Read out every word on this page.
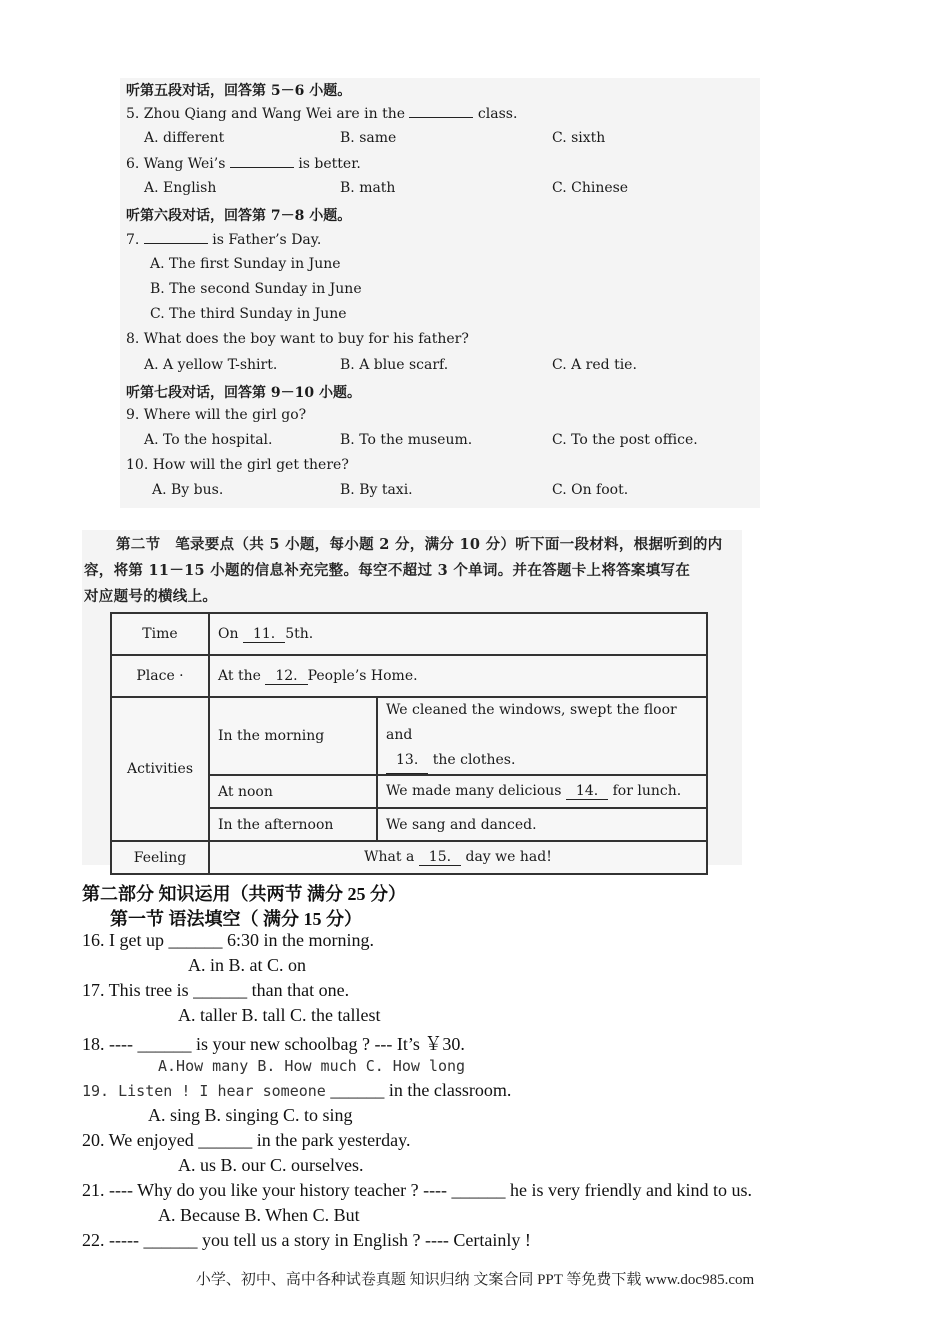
听第五段对话，回答第 5－6 小题。
5. Zhou Qiang and Wang Wei are in the	class.
A. different	B. same	C. sixth
6. Wang Wei’s	is better.
A. English	B. math	C. Chinese
听第六段对话，回答第 7－8 小题。
7.	is Father’s Day.
A. The first Sunday in June
B. The second Sunday in June
C. The third Sunday in June
8. What does the boy want to buy for his father?
A. A yellow T-shirt.	B. A blue scarf.	C. A red tie.
听第七段对话，回答第 9－10 小题。
9. Where will the girl go?
A. To the hospital.	B. To the museum.	C. To the post office.
10. How will the girl get there?
A. By bus.	B. By taxi.	C. On foot.
第二节　笔录要点（共 5 小题，每小题 2 分，满分 10 分）听下面一段材料，根据听到的内
容，将第 11－15 小题的信息补充完整。每空不超过 3 个单词。并在答题卡上将答案填写在
对应题号的横线上。
Time	On 11. 5th.	
Place ·	At the 12. People’s Home.	
Activities	In the morning	We cleaned the windows, swept the floor and
13. the clothes.
	At noon	We made many delicious 14. for lunch.
	In the afternoon	We sang and danced.
Feeling	What a 15. day we had!	
第二部分 知识运用（共两节 满分 25 分）
第一节 语法填空（ 满分 15 分）
16. I get up ______ 6:30 in the morning.
A. in B. at C. on
17. This tree is ______ than that one.
A. taller B. tall C. the tallest
18. ---- ______ is your new schoolbag ? --- It’s ￥30.
A.How many B. How much C. How long
19. Listen ! I hear someone ______ in the classroom.
A. sing B. singing C. to sing
20. We enjoyed ______ in the park yesterday.
A. us B. our C. ourselves.
21. ---- Why do you like your history teacher ? ---- ______ he is very friendly and kind to us.
A. Because B. When C. But
22. ----- ______ you tell us a story in English ? ---- Certainly !
小学、初中、高中各种试卷真题 知识归纳 文案合同 PPT 等免费下载 www.doc985.com
